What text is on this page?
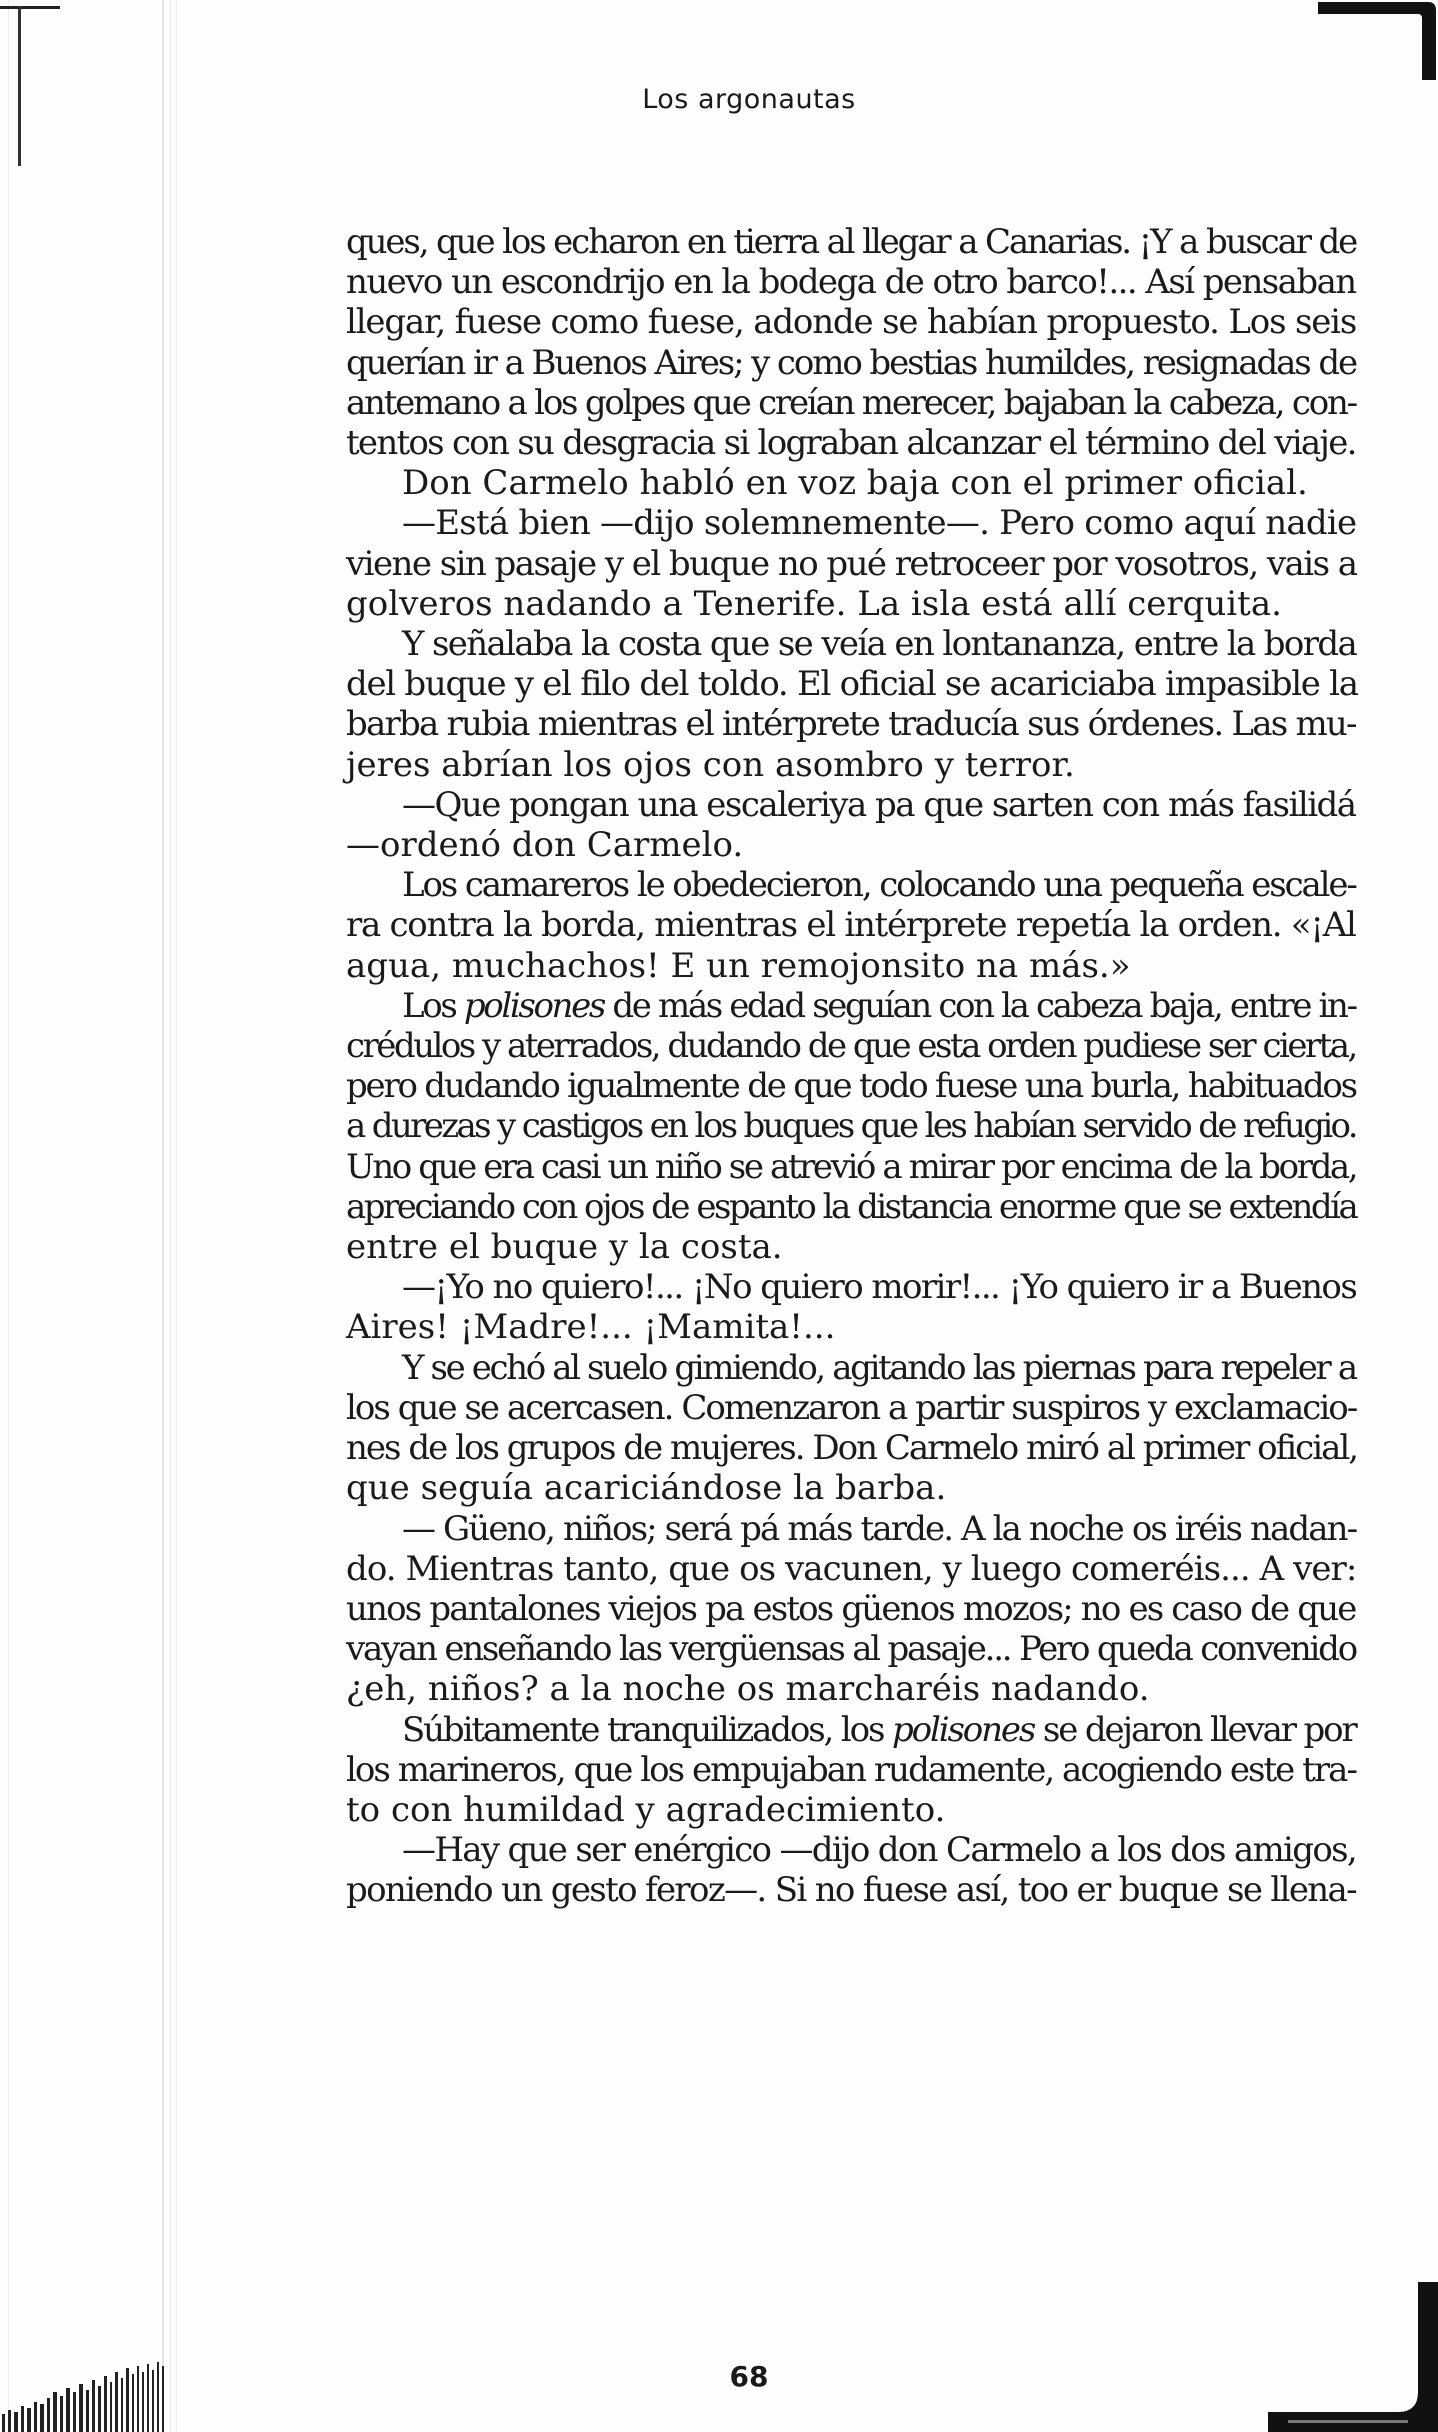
Los argonautas

ques, que los echaron en tierra al llegar a Canarias. ¡Y a buscar de

nuevo un escondrijo en la bodega de otro barco!... Así pensaban

llegar, fuese como fuese, adonde se habían propuesto. Los seis

querían ir a Buenos Aires; y como bestias humildes, resignadas de

antemano a los golpes que creían merecer, bajaban la cabeza, con-

tentos con su desgracia si lograban alcanzar el término del viaje.

Don Carmelo habló en voz baja con el primer oficial.

—Está bien —dijo solemnemente—. Pero como aquí nadie

viene sin pasaje y el buque no pué retroceer por vosotros, vais a

golveros nadando a Tenerife. La isla está allí cerquita.

Y señalaba la costa que se veía en lontananza, entre la borda

del buque y el filo del toldo. El oficial se acariciaba impasible la

barba rubia mientras el intérprete traducía sus órdenes. Las mu-

jeres abrían los ojos con asombro y terror.

—Que pongan una escaleriya pa que sarten con más fasilidá

—ordenó don Carmelo.

Los camareros le obedecieron, colocando una pequeña escale-

ra contra la borda, mientras el intérprete repetía la orden. «¡Al

agua, muchachos! E un remojonsito na más.»

Los polisones de más edad seguían con la cabeza baja, entre in-

crédulos y aterrados, dudando de que esta orden pudiese ser cierta,

pero dudando igualmente de que todo fuese una burla, habituados

a durezas y castigos en los buques que les habían servido de refugio.

Uno que era casi un niño se atrevió a mirar por encima de la borda,

apreciando con ojos de espanto la distancia enorme que se extendía

entre el buque y la costa.

—¡Yo no quiero!... ¡No quiero morir!... ¡Yo quiero ir a Buenos

Aires! ¡Madre!... ¡Mamita!...

Y se echó al suelo gimiendo, agitando las piernas para repeler a

los que se acercasen. Comenzaron a partir suspiros y exclamacio-

nes de los grupos de mujeres. Don Carmelo miró al primer oficial,

que seguía acariciándose la barba.

— Güeno, niños; será pá más tarde. A la noche os iréis nadan-

do. Mientras tanto, que os vacunen, y luego comeréis... A ver:

unos pantalones viejos pa estos güenos mozos; no es caso de que

vayan enseñando las vergüensas al pasaje... Pero queda convenido

¿eh, niños? a la noche os marcharéis nadando.

Súbitamente tranquilizados, los polisones se dejaron llevar por

los marineros, que los empujaban rudamente, acogiendo este tra-

to con humildad y agradecimiento.

—Hay que ser enérgico —dijo don Carmelo a los dos amigos,

poniendo un gesto feroz—. Si no fuese así, too er buque se llena-

68
